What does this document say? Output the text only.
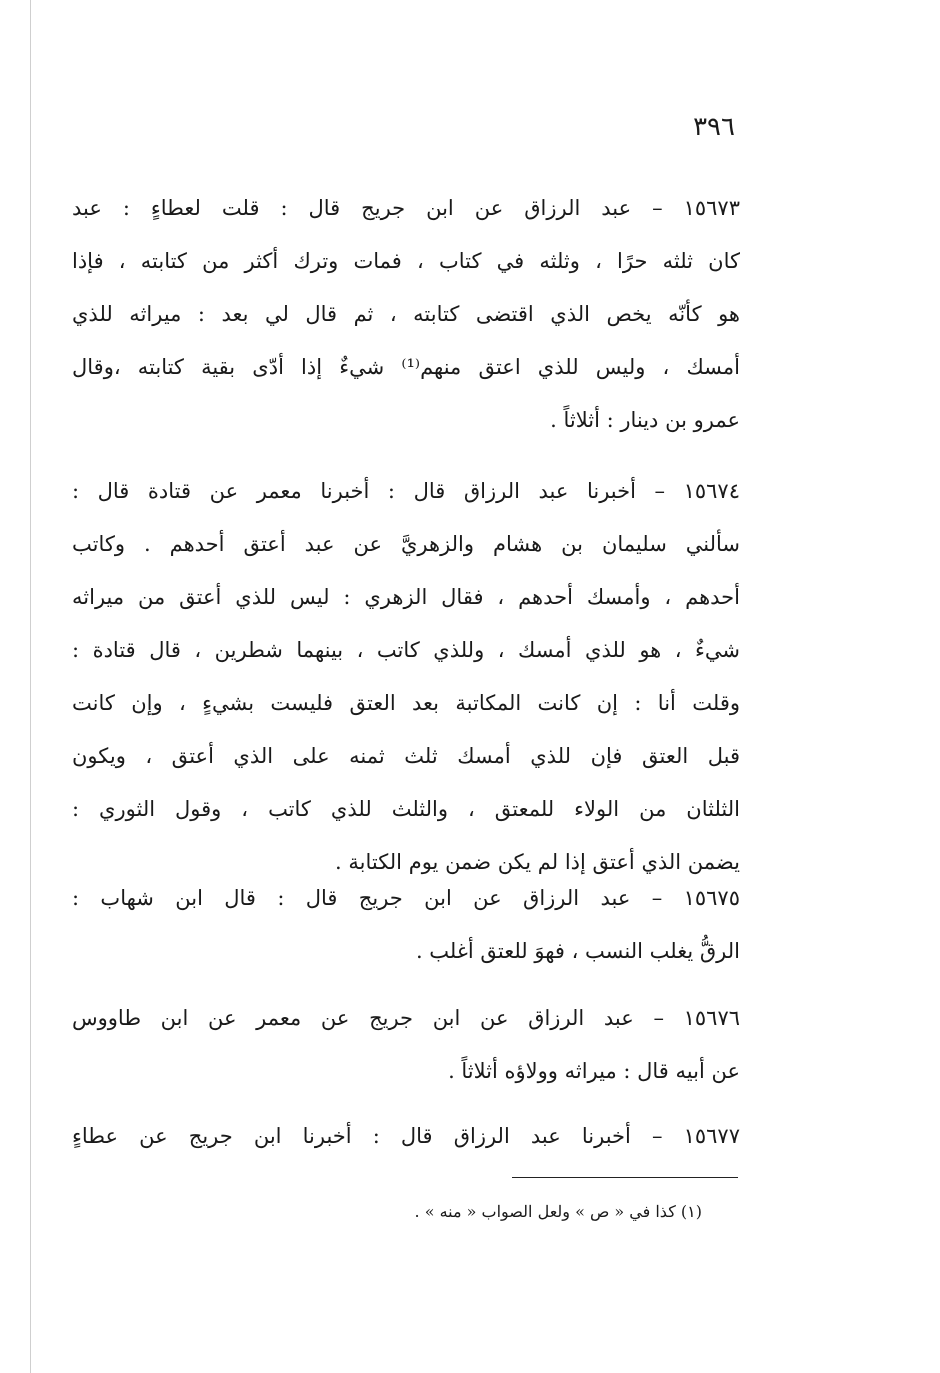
٣٩٦
١٥٦٧٣ – عبد الرزاق عن ابن جريج قال : قلت لعطاءٍ : عبد
كان ثلثه حرًا ، وثلثه في كتاب ، فمات وترك أكثر من كتابته ، فإذا
هو كأنّه يخص الذي اقتضى كتابته ، ثم قال لي بعد : ميراثه للذي
أمسك ، وليس للذي اعتق منهم⁽¹⁾ شيءٌ إذا أدّى بقية كتابته ،وقال
عمرو بن دينار : أثلاثاً .
١٥٦٧٤ – أخبرنا عبد الرزاق قال : أخبرنا معمر عن قتادة قال :
سألني سليمان بن هشام والزهريَّ عن عبد أعتق أحدهم . وكاتب
أحدهم ، وأمسك أحدهم ، فقال الزهري : ليس للذي أعتق من ميراثه
شيءٌ ، هو للذي أمسك ، وللذي كاتب ، بينهما شطرين ، قال قتادة :
وقلت أنا : إن كانت المكاتبة بعد العتق فليست بشيءٍ ، وإن كانت
قبل العتق فإن للذي أمسك ثلث ثمنه على الذي أعتق ، ويكون
الثلثان من الولاء للمعتق ، والثلث للذي كاتب ، وقول الثوري :
يضمن الذي أعتق إذا لم يكن ضمن يوم الكتابة .
١٥٦٧٥ – عبد الرزاق عن ابن جريج قال : قال ابن شهاب :
الرقُّ يغلب النسب ، فهوَ للعتق أغلب .
١٥٦٧٦ – عبد الرزاق عن ابن جريج عن معمر عن ابن طاووس
عن أبيه قال : ميراثه وولاؤه أثلاثاً .
١٥٦٧٧ – أخبرنا عبد الرزاق قال : أخبرنا ابن جريج عن عطاءٍ
(١) كذا في « ص » ولعل الصواب « منه » .
